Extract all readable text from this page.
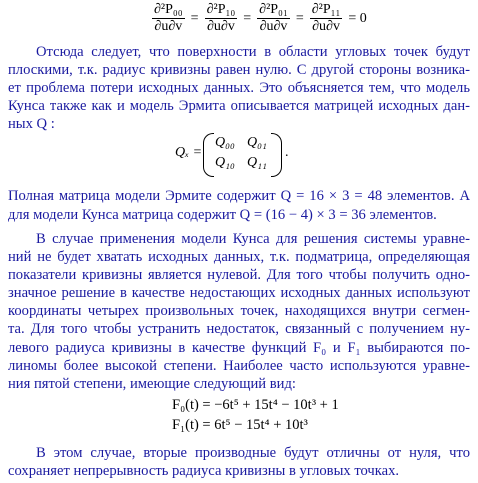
$\frac{\text{∂²P₀₀}}{\partial u\partial v} = \frac{\text{∂²P₁₀}}{\partial u\partial v} = \frac{\text{∂²P₀₁}}{\partial u\partial v} = \frac{\text{∂²P₁₁}}{\partial u\partial v} = 0$
Отсюда следует, что поверхности в области угловых точек будут
плоскими, т.к. радиус кривизны равен нулю. С другой стороны возника-
ет проблема потери исходных данных. Это объясняется тем, что модель
Кунса также как и модель Эрмита описывается матрицей исходных дан-
ных Q :
Qₓ =
Q₀₀ Q₀₁
Q₁₀ Q₁₁
.
Полная матрица модели Эрмите содержит Q = 16 × 3 = 48 элементов. А
для модели Кунса матрица содержит Q = (16 − 4) × 3 = 36 элементов.
В случае применения модели Кунса для решения системы уравне-
ний не будет хватать исходных данных, т.к. подматрица, определяющая
показатели кривизны является нулевой. Для того чтобы получить одно-
значное решение в качестве недостающих исходных данных используют
координаты четырех произвольных точек, находящихся внутри сегмен-
та. Для того чтобы устранить недостаток, связанный с получением ну-
левого радиуса кривизны в качестве функций F₀ и F₁ выбираются по-
линомы более высокой степени. Наиболее часто используются уравне-
ния пятой степени, имеющие следующий вид:
F₀(t) = −6t⁵ + 15t⁴ − 10t³ + 1
F₁(t) = 6t⁵ − 15t⁴ + 10t³
В этом случае, вторые производные будут отличны от нуля, что
сохраняет непрерывность радиуса кривизны в угловых точках.
